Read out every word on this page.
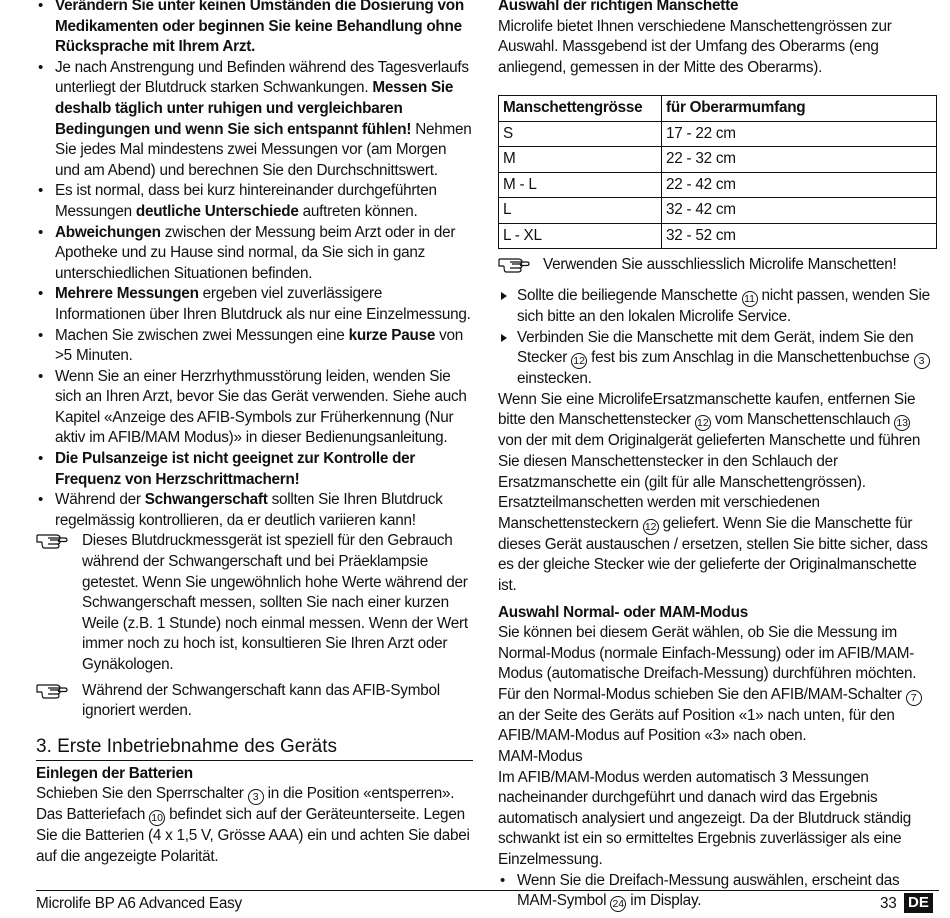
• Verändern Sie unter keinen Umständen die Dosierung von Medikamenten oder beginnen Sie keine Behandlung ohne Rücksprache mit Ihrem Arzt.
• Je nach Anstrengung und Befinden während des Tagesverlaufs unterliegt der Blutdruck starken Schwankungen. Messen Sie deshalb täglich unter ruhigen und vergleichbaren Bedingungen und wenn Sie sich entspannt fühlen! Nehmen Sie jedes Mal mindestens zwei Messungen vor (am Morgen und am Abend) und berechnen Sie den Durchschnittswert.
• Es ist normal, dass bei kurz hintereinander durchgeführten Messungen deutliche Unterschiede auftreten können.
• Abweichungen zwischen der Messung beim Arzt oder in der Apotheke und zu Hause sind normal, da Sie sich in ganz unterschiedlichen Situationen befinden.
• Mehrere Messungen ergeben viel zuverlässigere Informationen über Ihren Blutdruck als nur eine Einzelmessung.
• Machen Sie zwischen zwei Messungen eine kurze Pause von >5 Minuten.
• Wenn Sie an einer Herzrhythmusstörung leiden, wenden Sie sich an Ihren Arzt, bevor Sie das Gerät verwenden. Siehe auch Kapitel «Anzeige des AFIB-Symbols zur Früherkennung (Nur aktiv im AFIB/MAM Modus)» in dieser Bedienungsanleitung.
• Die Pulsanzeige ist nicht geeignet zur Kontrolle der Frequenz von Herzschrittmachern!
• Während der Schwangerschaft sollten Sie Ihren Blutdruck regelmässig kontrollieren, da er deutlich variieren kann!
Dieses Blutdruckmessgerät ist speziell für den Gebrauch während der Schwangerschaft und bei Präeklampsie getestet. Wenn Sie ungewöhnlich hohe Werte während der Schwangerschaft messen, sollten Sie nach einer kurzen Weile (z.B. 1 Stunde) noch einmal messen. Wenn der Wert immer noch zu hoch ist, konsultieren Sie Ihren Arzt oder Gynäkologen.
Während der Schwangerschaft kann das AFIB-Symbol ignoriert werden.
3. Erste Inbetriebnahme des Geräts
Einlegen der Batterien

Schieben Sie den Sperrschalter 3 in die Position «entsperren». Das Batteriefach 10 befindet sich auf der Geräteunterseite. Legen Sie die Batterien (4 x 1,5 V, Grösse AAA) ein und achten Sie dabei auf die angezeigte Polarität.

Auswahl der richtigen Manschette

Microlife bietet Ihnen verschiedene Manschettengrössen zur Auswahl. Massgebend ist der Umfang des Oberarms (eng anliegend, gemessen in der Mitte des Oberarms).

Manschettengrösse	für Oberarmumfang
S	17 - 22 cm
M	22 - 32 cm
M - L	22 - 42 cm
L	32 - 42 cm
L - XL	32 - 52 cm
Verwenden Sie ausschliesslich Microlife Manschetten!
Sollte die beiliegende Manschette 11 nicht passen, wenden Sie sich bitte an den lokalen Microlife Service.
Verbinden Sie die Manschette mit dem Gerät, indem Sie den Stecker 12 fest bis zum Anschlag in die Manschettenbuchse 3 einstecken.

Wenn Sie eine MicrolifeErsatzmanschette kaufen, entfernen Sie bitte den Manschettenstecker 12 vom Manschettenschlauch 13 von der mit dem Originalgerät gelieferten Manschette und führen Sie diesen Manschettenstecker in den Schlauch der Ersatzmanschette ein (gilt für alle Manschettengrössen).

Ersatzteilmanschetten werden mit verschiedenen Manschettensteckern 12 geliefert. Wenn Sie die Manschette für dieses Gerät austauschen / ersetzen, stellen Sie bitte sicher, dass es der gleiche Stecker wie der gelieferte der Originalmanschette ist.

Auswahl Normal- oder MAM-Modus

Sie können bei diesem Gerät wählen, ob Sie die Messung im Normal-Modus (normale Einfach-Messung) oder im AFIB/MAM-Modus (automatische Dreifach-Messung) durchführen möchten. Für den Normal-Modus schieben Sie den AFIB/MAM-Schalter 7 an der Seite des Geräts auf Position «1» nach unten, für den AFIB/MAM-Modus auf Position «3» nach oben.

MAM-Modus

Im AFIB/MAM-Modus werden automatisch 3 Messungen nacheinander durchgeführt und danach wird das Ergebnis automatisch analysiert und angezeigt. Da der Blutdruck ständig schwankt ist ein so ermitteltes Ergebnis zuverlässiger als eine Einzelmessung.

• Wenn Sie die Dreifach-Messung auswählen, erscheint das MAM-Symbol 24 im Display.
Microlife BP A6 Advanced Easy	33 DE
